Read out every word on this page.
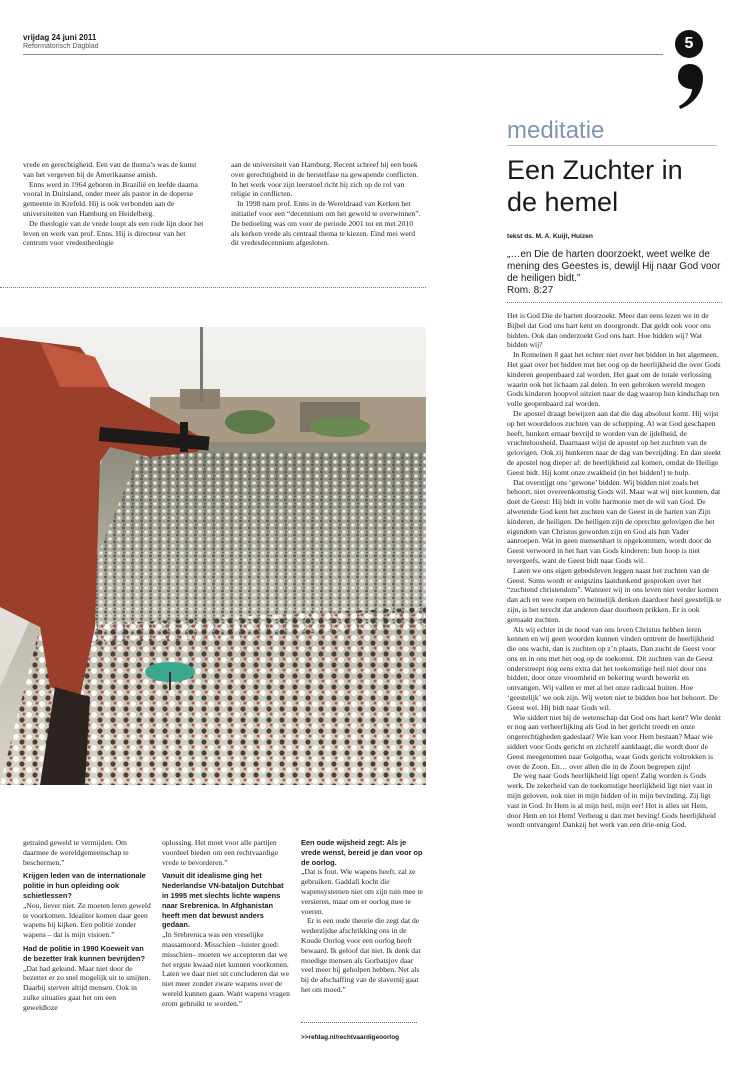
vrijdag 24 juni 2011
Reformatorisch Dagblad	5

vrede en gerechtigheid. Een van de thema’s was de kunst van het vergeven bij de Amerikaanse amish.

Enns werd in 1964 geboren in Brazilië en leefde daarna vooral in Duitsland, onder meer als pastor in de doperse gemeente in Krefeld. Hij is ook verbonden aan de universiteiten van Hamburg en Heidelberg.

De theologie van de vrede loopt als een rode lijn door het leven en werk van prof. Enns. Hij is directeur van het centrum voor vredestheologie

aan de universiteit van Hamburg. Recent schreef hij een boek over gerechtigheid in de herstelfase na gewapende conflicten. In het werk voor zijn leerstoel richt hij zich op de rol van religie in conflicten.

In 1998 nam prof. Enns in de Wereldraad van Kerken het initiatief voor een “decennium om het geweld te overwinnen”. De bedoeling was om voor de periode 2001 tot en met 2010 als kerken vrede als centraal thema te kiezen. Eind mei werd dit vredesdecennium afgesloten.

getraind geweld te vermijden. Om daarmee de wereldgemeenschap te beschermen.”

Krijgen leden van de internationale politie in hun opleiding ook schietlessen?

„Nou, liever niet. Ze moeten leren geweld te voorkomen. Idealiter komen daar geen wapens bij kijken. Een politie zonder wapens – dat is mijn visioen.”

Had de politie in 1990 Koeweit van de bezetter Irak kunnen bevrijden?

„Dat had gekund. Maar niet door de bezetter er zo snel mogelijk uit te smijten. Daarbij sterven altijd mensen. Ook in zulke situaties gaat het om een geweldloze

oplossing. Het moet voor alle partijen voordeel bieden om een rechtvaardige vrede te bevorderen.”

Vanuit dit idealisme ging het Nederlandse VN-bataljon Dutchbat in 1995 met slechts lichte wapens naar Srebrenica. In Afghanistan heeft men dat bewust anders gedaan.

„In Srebrenica was een vreselijke massamoord. Misschien –luister goed: misschien– moeten we accepteren dat we het ergste kwaad niet kunnen voorkomen. Laten we daar niet uit concluderen dat we niet meer zonder zware wapens over de wereld kunnen gaan. Want wapens vragen erom gebruikt te worden.”

Een oude wijsheid zegt: Als je vrede wenst, bereid je dan voor op de oorlog.

„Dat is fout. Wie wapens heeft, zal ze gebruiken. Gaddafi kocht die wapensystemen niet om zijn tuin mee te versieren, maar om er oorlog mee te voeren.

Er is een oude theorie die zegt dat de wederzijdse afschrikking ons in de Koude Oorlog voor een oorlog heeft bewaard. Ik geloof dat niet. Ik denk dat moedige mensen als Gorbatsjov daar veel meer bij geholpen hebben. Net als bij de afschaffing van de slavernij gaat het om moed.”

>>refdag.nl/rechtvaardigeoorlog
meditatie
Een Zuchter in
de hemel
tekst ds. M. A. Kuijt, Huizen
„…en Die de harten doorzoekt, weet welke de mening des Geestes is, dewijl Hij naar God voor de heiligen bidt.”
Rom. 8:27

Het is God Die de harten doorzoekt. Meer dan eens lezen we in de Bijbel dat God ons hart kent en doorgrondt. Dat geldt ook voor ons bidden. Ook dan onderzoekt God ons hart. Hoe bidden wij? Wat bidden wij?

In Romeinen 8 gaat het echter niet over het bidden in het algemeen. Het gaat over het bidden met het oog op de heerlijkheid die over Gods kinderen geopenbaard zal worden. Het gaat om de totale verlossing waarin ook het lichaam zal delen. In een gebroken wereld mogen Gods kinderen hoopvol uitzien naar de dag waarop hun kindschap ten volle geopenbaard zal worden.

De apostel draagt bewijzen aan dat die dag absoluut komt. Hij wijst op het woordeloos zuchten van de schepping. Al wat God geschapen heeft, hunkert ernaar bevrijd te worden van de ijdelheid, de vruchteloosheid. Daarnaast wijst de apostel op het zuchten van de gelovigen. Ook zij hunkeren naar de dag van bevrijding. En dan steekt de apostel nog dieper af: de heerlijkheid zal komen, omdat de Heilige Geest bidt. Hij komt onze zwakheid (in het bidden!) te hulp.

Dat overstijgt ons ‘gewone’ bidden. Wij bidden niet zoals het behoort, niet overeenkomstig Gods wil. Maar wat wij niet kunnen, dat doet de Geest: Hij bidt in volle harmonie met de wil van God. De alwetende God kent het zuchten van de Geest in de harten van Zijn kinderen, de heiligen. De heiligen zijn de oprechte gelovigen die het eigendom van Christus geworden zijn en God als hun Vader aanroepen. Wat in geen mensenhart is opgekommen, wordt door de Geest verwoord in het hart van Gods kinderen: hun hoop is niet tevergeefs, want de Geest bidt naar Gods wil.

Laten we ons eigen gebedsleven leggen naast het zuchten van de Geest. Soms wordt er enigszins laatdunkend gesproken over het “zuchtend christendom”. Wanneer wij in ons leven niet verder komen dan ach en wee roepen en heimelijk denken daardoor heel geestelijk te zijn, is het terecht dat anderen daar doorheen prikken. Er is ook gemaakt zuchten.

Als wij echter in de nood van ons leven Christus hebben leren kennen en wij geen woorden kunnen vinden omtrent de heerlijkheid die ons wacht, dan is zuchten op z’n plaats. Dan zucht de Geest voor ons en in ons met het oog op de toekomst. Dit zuchten van de Geest onderstreept nog eens extra dat het toekomstige heil niet door ons bidden, door onze vroomheid en bekering wordt bewerkt en ontvangen. Wij vallen er met al het onze radicaal buiten. Hoe ‘geestelijk’ we ook zijn. Wij weten niet te bidden hoe het behoort. De Geest wel. Hij bidt naar Gods wil.

Wie siddert niet bij de wetenschap dat God ons hart kent? Wie denkt er nog aan verheerlijking als God in het gericht treedt en onze ongerechtigheden gadeslaat? Wie kan voor Hem bestaan? Maar wie siddert voor Gods gericht en zichzelf aanklaagt, die wordt door de Geest meegenomen naar Golgotha, waar Gods gericht voltrokken is over de Zoon. En… over allen die in de Zoon begrepen zijn!

De weg naar Gods heerlijkheid ligt open! Zalig worden is Gods werk. De zekerheid van de toekomstige heerlijkheid ligt niet vast in mijn geloven, ook niet in mijn bidden of in mijn bevinding. Zij ligt vast in God. In Hem is al mijn heil, mijn eer! Het is alles uit Hem, door Hem en tot Hem! Verheug u dan met beving! Gods heerlijkheid wordt ontvangen! Dankzij het werk van een drie-enig God.
